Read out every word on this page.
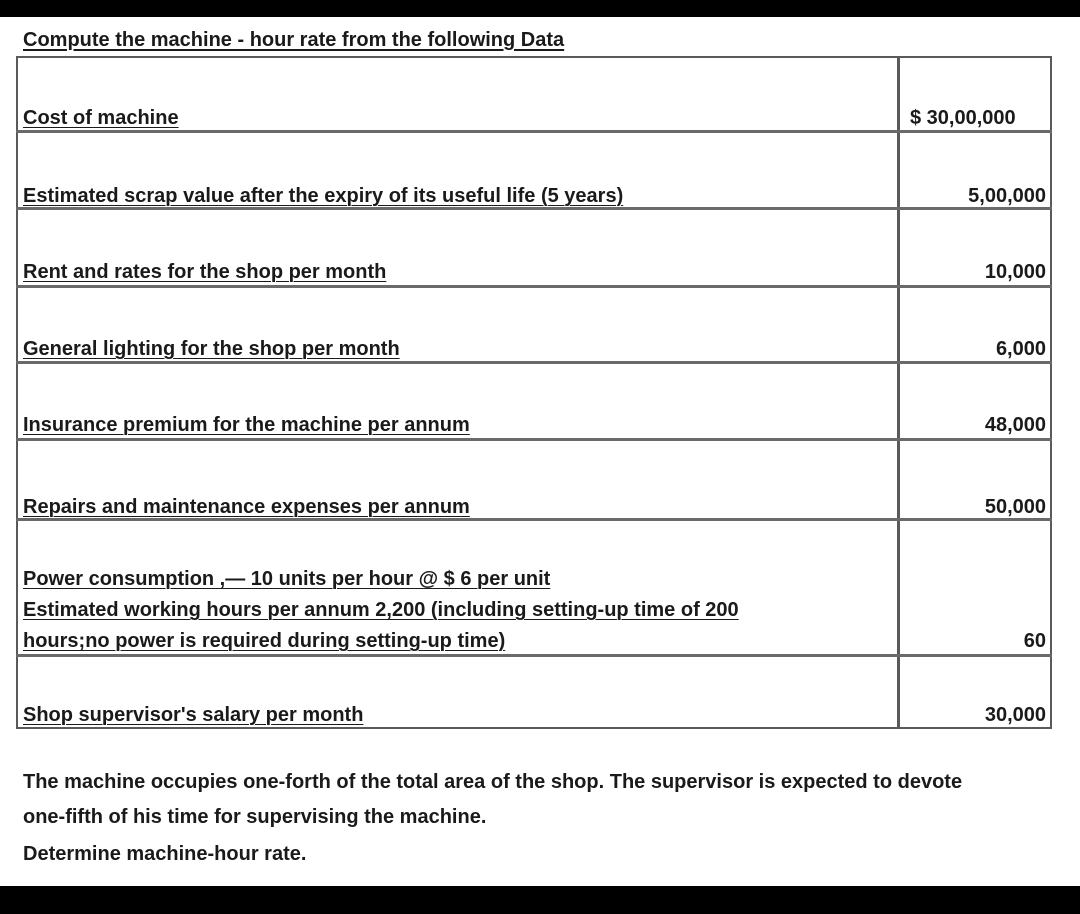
Compute the machine - hour rate from the following Data
Cost of machine	$ 30,00,000
Estimated scrap value after the expiry of its useful life (5 years)	5,00,000
Rent and rates for the shop per month	10,000
General lighting for the shop per month	6,000
Insurance premium for the machine per annum	48,000
Repairs and maintenance expenses per annum	50,000
Power consumption ,— 10 units per hour @ $ 6 per unit
Estimated working hours per annum 2,200 (including setting-up time of 200
hours;no power is required during setting-up time)	60
Shop supervisor's salary per month	30,000
The machine occupies one-forth of the total area of the shop. The supervisor is expected to devote
one-fifth of his time for supervising the machine.
Determine machine-hour rate.
